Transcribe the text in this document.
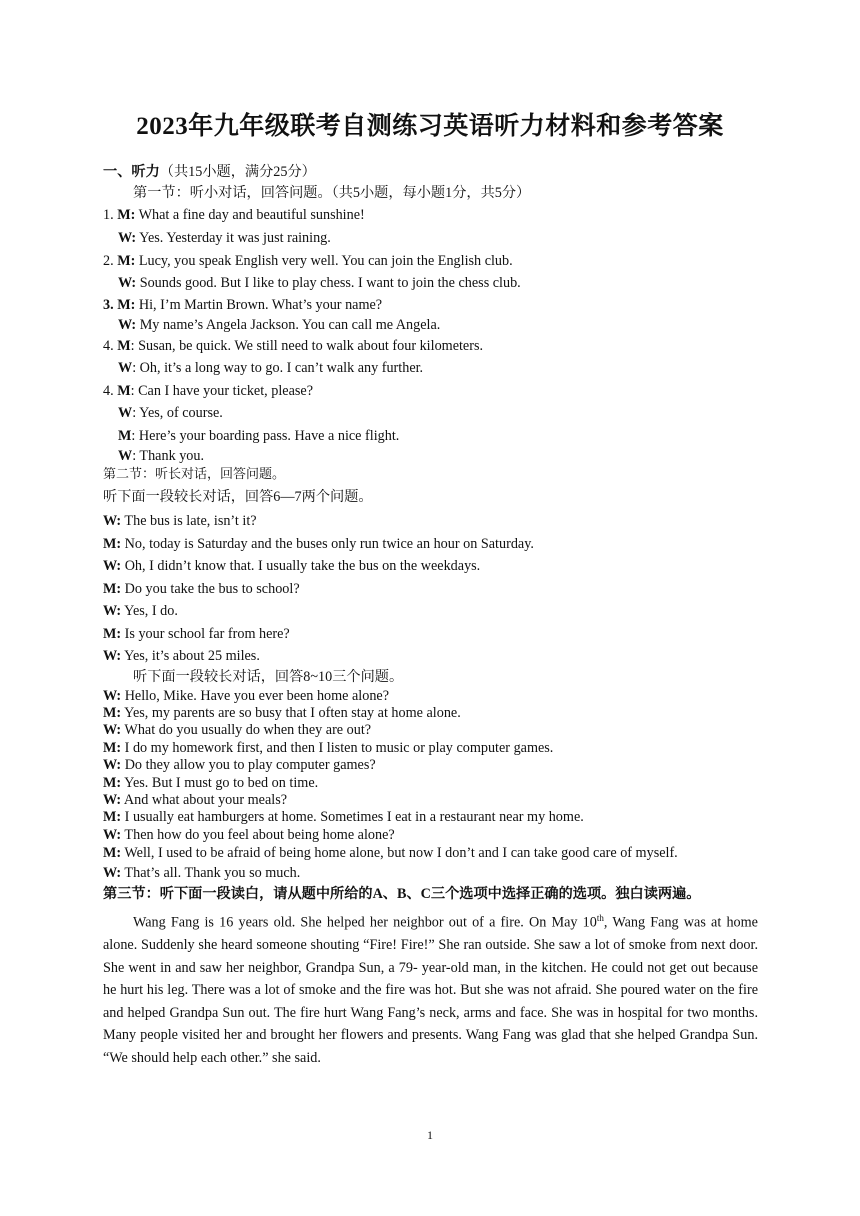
2023年九年级联考自测练习英语听力材料和参考答案
一、听力（共15小题，满分25分）
第一节：听小对话，回答问题。（共5小题，每小题1分，共5分）
1. M: What a fine day and beautiful sunshine!
W: Yes. Yesterday it was just raining.
2. M: Lucy, you speak English very well. You can join the English club.
W: Sounds good. But I like to play chess. I want to join the chess club.
3. M: Hi, I’m Martin Brown. What’s your name?
W: My name’s Angela Jackson. You can call me Angela.
4. M: Susan, be quick. We still need to walk about four kilometers.
W: Oh, it’s a long way to go. I can’t walk any further.
4. M: Can I have your ticket, please?
W: Yes, of course.
M: Here’s your boarding pass. Have a nice flight.
W: Thank you.
第二节：听长对话，回答问题。
听下面一段较长对话，回答6—7两个问题。
W: The bus is late, isn’t it?
M: No, today is Saturday and the buses only run twice an hour on Saturday.
W: Oh, I didn’t know that. I usually take the bus on the weekdays.
M: Do you take the bus to school?
W: Yes, I do.
M: Is your school far from here?
W: Yes, it’s about 25 miles.
听下面一段较长对话，回答8~10三个问题。
W: Hello, Mike. Have you ever been home alone?
M: Yes, my parents are so busy that I often stay at home alone.
W: What do you usually do when they are out?
M: I do my homework first, and then I listen to music or play computer games.
W: Do they allow you to play computer games?
M: Yes. But I must go to bed on time.
W: And what about your meals?
M: I usually eat hamburgers at home. Sometimes I eat in a restaurant near my home.
W: Then how do you feel about being home alone?
M: Well, I used to be afraid of being home alone, but now I don’t and I can take good care of myself.
W: That’s all. Thank you so much.
第三节：听下面一段读白，请从题中所给的A、B、C三个选项中选择正确的选项。独白读两遍。
Wang Fang is 16 years old. She helped her neighbor out of a fire. On May 10th, Wang Fang was at home alone. Suddenly she heard someone shouting “Fire! Fire!” She ran outside. She saw a lot of smoke from next door. She went in and saw her neighbor, Grandpa Sun, a 79- year-old man, in the kitchen. He could not get out because he hurt his leg. There was a lot of smoke and the fire was hot. But she was not afraid. She poured water on the fire and helped Grandpa Sun out. The fire hurt Wang Fang’s neck, arms and face. She was in hospital for two months. Many people visited her and brought her flowers and presents. Wang Fang was glad that she helped Grandpa Sun. “We should help each other.” she said.
1
